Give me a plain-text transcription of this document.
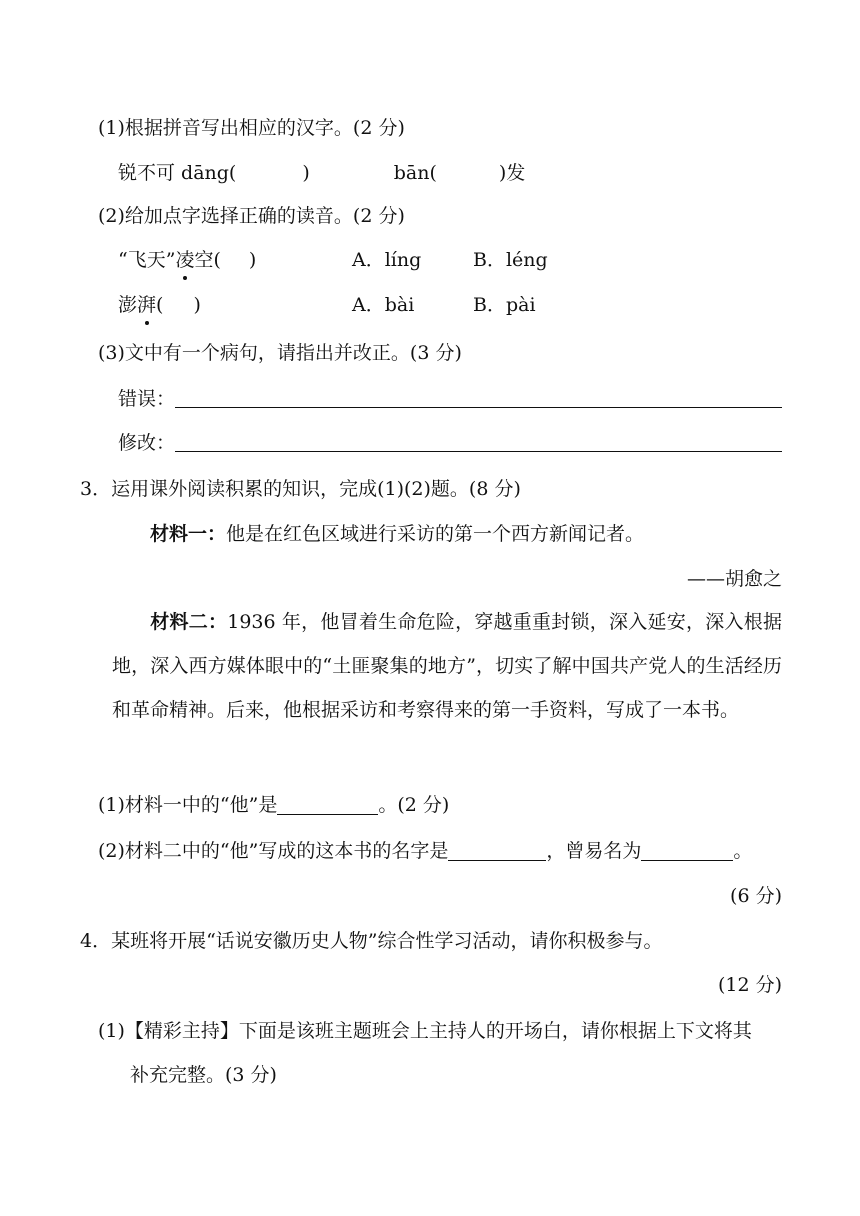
(1)根据拼音写出相应的汉字。(2 分)
锐不可 dāng(	)	bān(	)发
(2)给加点字选择正确的读音。(2 分)
“飞天”凌空( )	A．líng	B．léng
澎湃( )	A．bài	B．pài
(3)文中有一个病句，请指出并改正。(3 分)
错误：
修改：
3．运用课外阅读积累的知识，完成(1)(2)题。(8 分)
材料一：他是在红色区域进行采访的第一个西方新闻记者。
——胡愈之
材料二：1936 年，他冒着生命危险，穿越重重封锁，深入延安，深入根据地，深入西方媒体眼中的“土匪聚集的地方”，切实了解中国共产党人的生活经历和革命精神。后来，他根据采访和考察得来的第一手资料，写成了一本书。
(1)材料一中的“他”是	。(2 分)
(2)材料二中的“他”写成的这本书的名字是	，曾易名为	。
(6 分)
4．某班将开展“话说安徽历史人物”综合性学习活动，请你积极参与。
(12 分)
(1)【精彩主持】下面是该班主题班会上主持人的开场白，请你根据上下文将其
补充完整。(3 分)
